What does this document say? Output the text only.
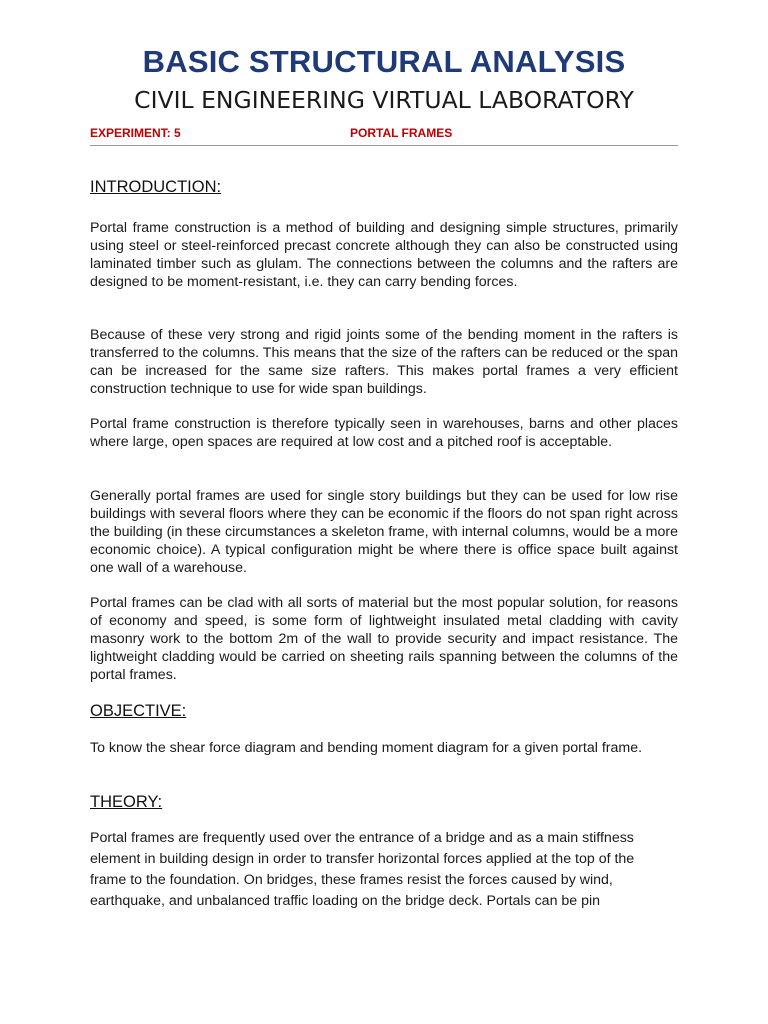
BASIC STRUCTURAL ANALYSIS
CIVIL ENGINEERING VIRTUAL LABORATORY
EXPERIMENT: 5	PORTAL FRAMES
INTRODUCTION:

Portal frame construction is a method of building and designing simple structures, primarily using steel or steel-reinforced precast concrete although they can also be constructed using laminated timber such as glulam. The connections between the columns and the rafters are designed to be moment-resistant, i.e. they can carry bending forces.

Because of these very strong and rigid joints some of the bending moment in the rafters is transferred to the columns. This means that the size of the rafters can be reduced or the span can be increased for the same size rafters. This makes portal frames a very efficient construction technique to use for wide span buildings.

Portal frame construction is therefore typically seen in warehouses, barns and other places where large, open spaces are required at low cost and a pitched roof is acceptable.

Generally portal frames are used for single story buildings but they can be used for low rise buildings with several floors where they can be economic if the floors do not span right across the building (in these circumstances a skeleton frame, with internal columns, would be a more economic choice). A typical configuration might be where there is office space built against one wall of a warehouse.

Portal frames can be clad with all sorts of material but the most popular solution, for reasons of economy and speed, is some form of lightweight insulated metal cladding with cavity masonry work to the bottom 2m of the wall to provide security and impact resistance. The lightweight cladding would be carried on sheeting rails spanning between the columns of the portal frames.

OBJECTIVE:

To know the shear force diagram and bending moment diagram for a given portal frame.

THEORY:

Portal frames are frequently used over the entrance of a bridge and as a main stiffness element in building design in order to transfer horizontal forces applied at the top of the frame to the foundation. On bridges, these frames resist the forces caused by wind, earthquake, and unbalanced traffic loading on the bridge deck. Portals can be pin
